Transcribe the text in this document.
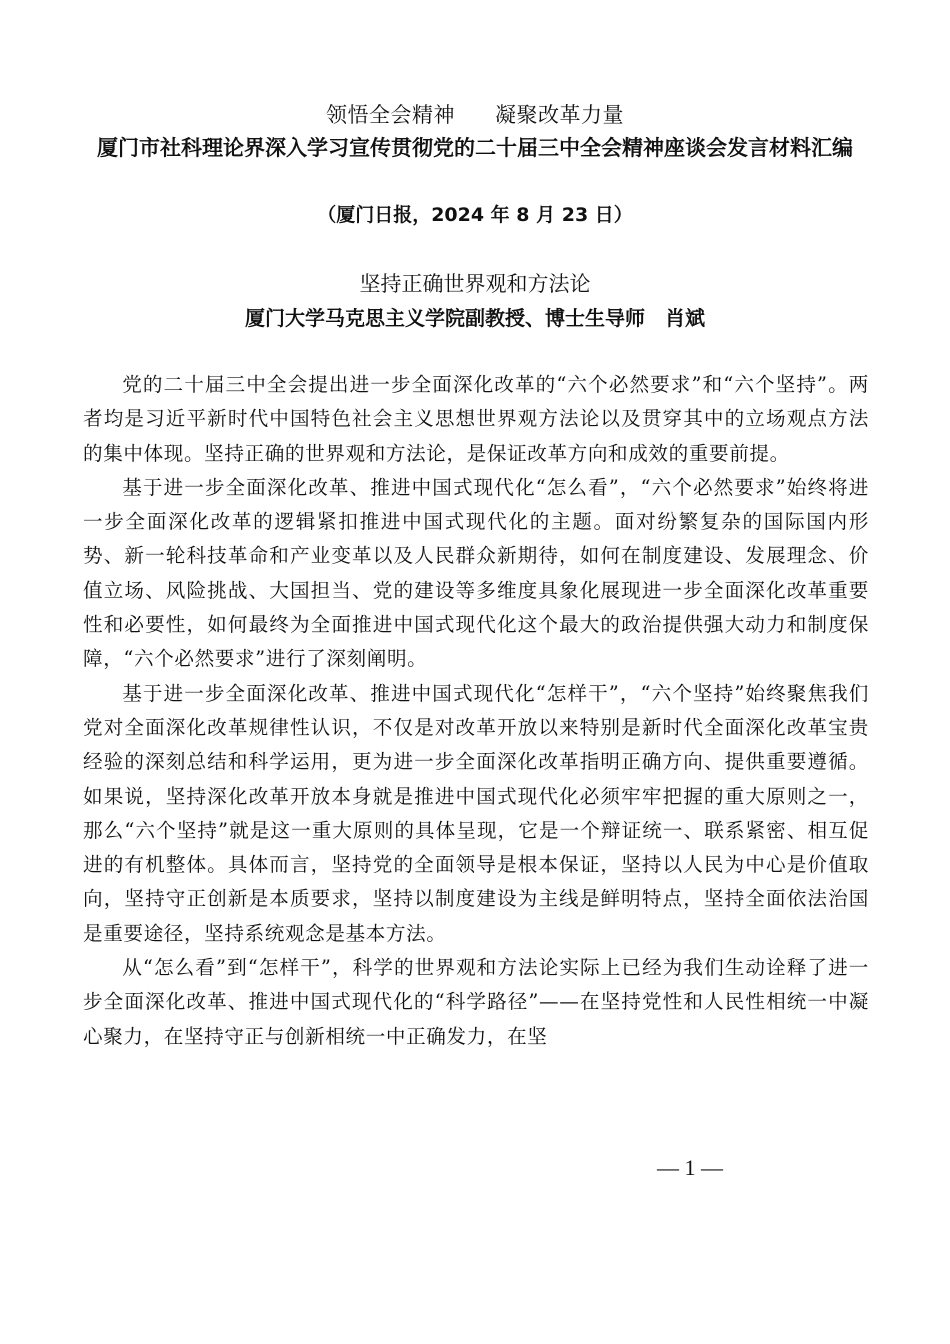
领悟全会精神 凝聚改革力量
厦门市社科理论界深入学习宣传贯彻党的二十届三中全会精神座谈会发言材料汇编
（厦门日报，2024 年 8 月 23 日）
坚持正确世界观和方法论
厦门大学马克思主义学院副教授、博士生导师　肖斌

党的二十届三中全会提出进一步全面深化改革的“六个必然要求”和“六个坚持”。两者均是习近平新时代中国特色社会主义思想世界观方法论以及贯穿其中的立场观点方法的集中体现。坚持正确的世界观和方法论，是保证改革方向和成效的重要前提。

基于进一步全面深化改革、推进中国式现代化“怎么看”，“六个必然要求”始终将进一步全面深化改革的逻辑紧扣推进中国式现代化的主题。面对纷繁复杂的国际国内形势、新一轮科技革命和产业变革以及人民群众新期待，如何在制度建设、发展理念、价值立场、风险挑战、大国担当、党的建设等多维度具象化展现进一步全面深化改革重要性和必要性，如何最终为全面推进中国式现代化这个最大的政治提供强大动力和制度保障，“六个必然要求”进行了深刻阐明。

基于进一步全面深化改革、推进中国式现代化“怎样干”，“六个坚持”始终聚焦我们党对全面深化改革规律性认识，不仅是对改革开放以来特别是新时代全面深化改革宝贵经验的深刻总结和科学运用，更为进一步全面深化改革指明正确方向、提供重要遵循。如果说，坚持深化改革开放本身就是推进中国式现代化必须牢牢把握的重大原则之一，那么“六个坚持”就是这一重大原则的具体呈现，它是一个辩证统一、联系紧密、相互促进的有机整体。具体而言，坚持党的全面领导是根本保证，坚持以人民为中心是价值取向，坚持守正创新是本质要求，坚持以制度建设为主线是鲜明特点，坚持全面依法治国是重要途径，坚持系统观念是基本方法。

从“怎么看”到“怎样干”，科学的世界观和方法论实际上已经为我们生动诠释了进一步全面深化改革、推进中国式现代化的“科学路径”——在坚持党性和人民性相统一中凝心聚力，在坚持守正与创新相统一中正确发力，在坚

— 1 —
